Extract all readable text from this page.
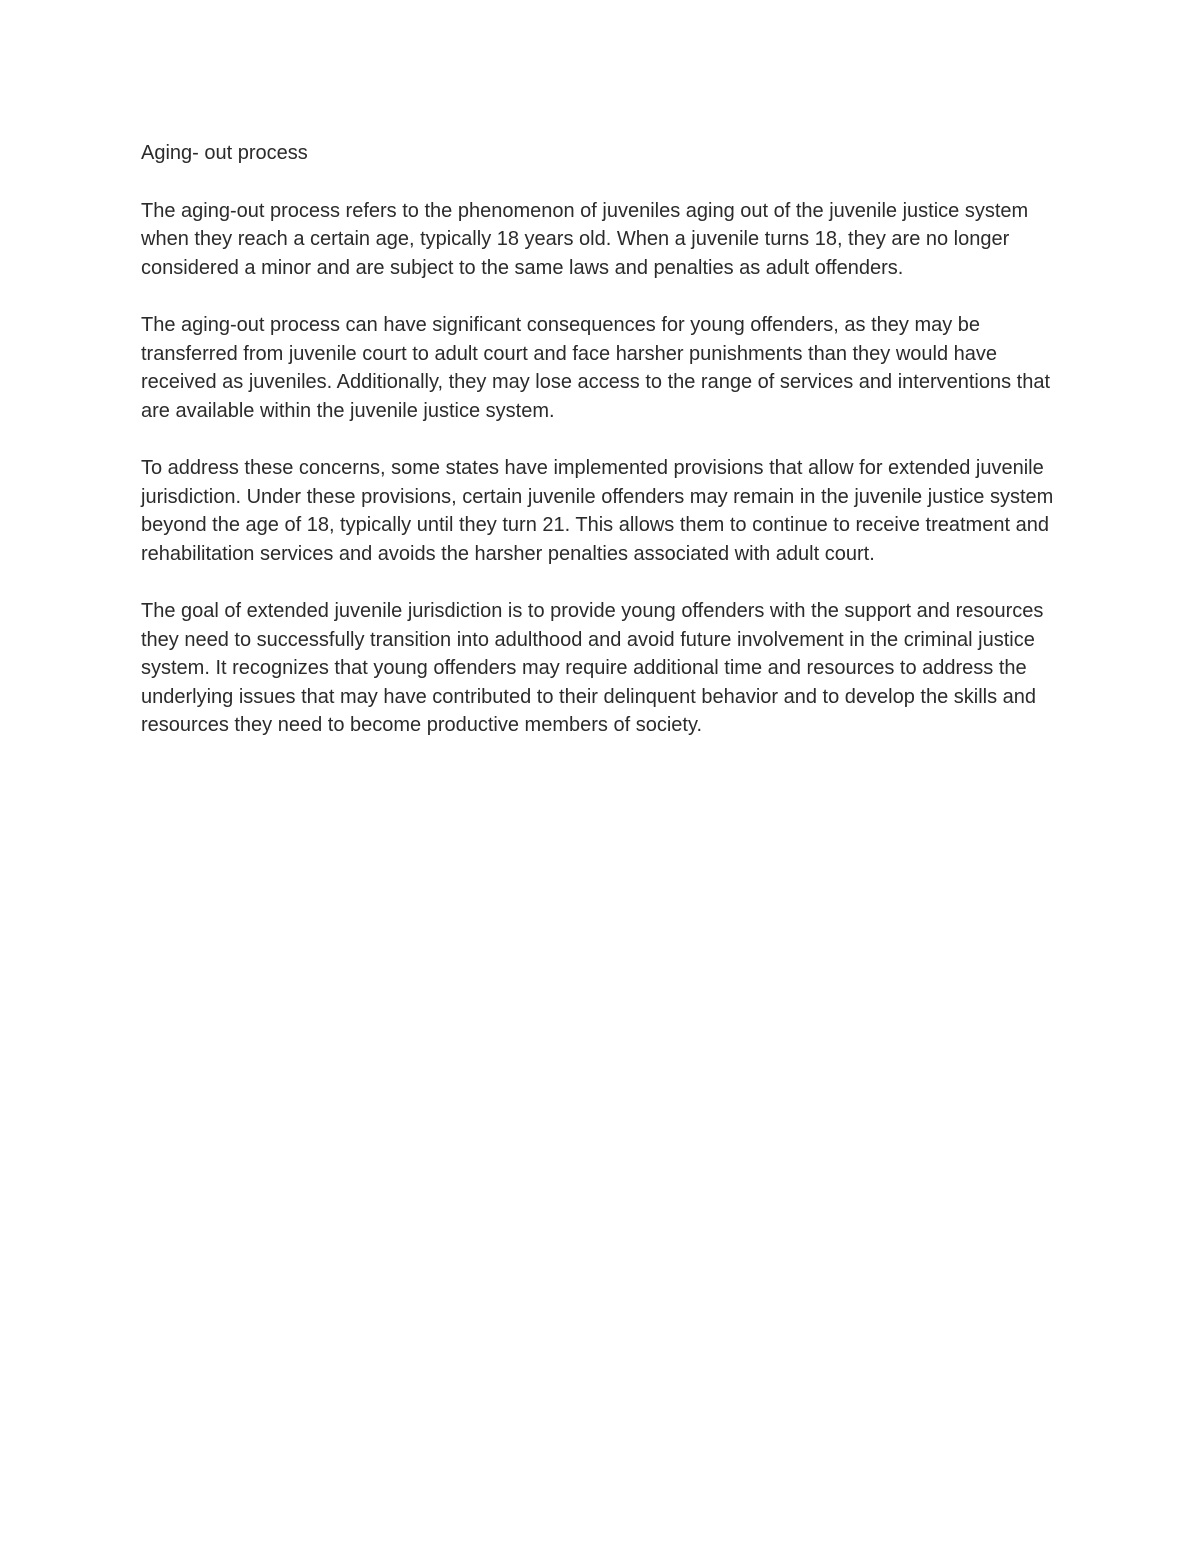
Aging- out process

The aging-out process refers to the phenomenon of juveniles aging out of the juvenile justice system when they reach a certain age, typically 18 years old. When a juvenile turns 18, they are no longer considered a minor and are subject to the same laws and penalties as adult offenders.

The aging-out process can have significant consequences for young offenders, as they may be transferred from juvenile court to adult court and face harsher punishments than they would have received as juveniles. Additionally, they may lose access to the range of services and interventions that are available within the juvenile justice system.

To address these concerns, some states have implemented provisions that allow for extended juvenile jurisdiction. Under these provisions, certain juvenile offenders may remain in the juvenile justice system beyond the age of 18, typically until they turn 21. This allows them to continue to receive treatment and rehabilitation services and avoids the harsher penalties associated with adult court.

The goal of extended juvenile jurisdiction is to provide young offenders with the support and resources they need to successfully transition into adulthood and avoid future involvement in the criminal justice system. It recognizes that young offenders may require additional time and resources to address the underlying issues that may have contributed to their delinquent behavior and to develop the skills and resources they need to become productive members of society.
